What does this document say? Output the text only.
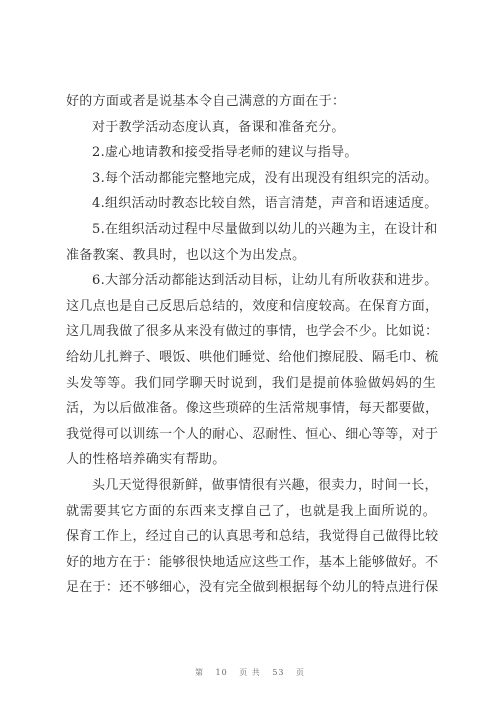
好的方面或者是说基本令自己满意的方面在于：
对于教学活动态度认真，备课和准备充分。
2.虚心地请教和接受指导老师的建议与指导。
3.每个活动都能完整地完成，没有出现没有组织完的活动。
4.组织活动时教态比较自然，语言清楚，声音和语速适度。
5.在组织活动过程中尽量做到以幼儿的兴趣为主，在设计和
准备教案、教具时，也以这个为出发点。
6.大部分活动都能达到活动目标，让幼儿有所收获和进步。
这几点也是自己反思后总结的，效度和信度较高。在保育方面，
这几周我做了很多从来没有做过的事情，也学会不少。比如说：
给幼儿扎辫子、喂饭、哄他们睡觉、给他们擦屁股、隔毛巾、梳
头发等等。我们同学聊天时说到，我们是提前体验做妈妈的生
活，为以后做准备。像这些琐碎的生活常规事情，每天都要做，
我觉得可以训练一个人的耐心、忍耐性、恒心、细心等等，对于
人的性格培养确实有帮助。
头几天觉得很新鲜，做事情很有兴趣，很卖力，时间一长，
就需要其它方面的东西来支撑自己了，也就是我上面所说的。
保育工作上，经过自己的认真思考和总结，我觉得自己做得比较
好的地方在于：能够很快地适应这些工作，基本上能够做好。不
足在于：还不够细心，没有完全做到根据每个幼儿的特点进行保
第 10 页 共 53 页
